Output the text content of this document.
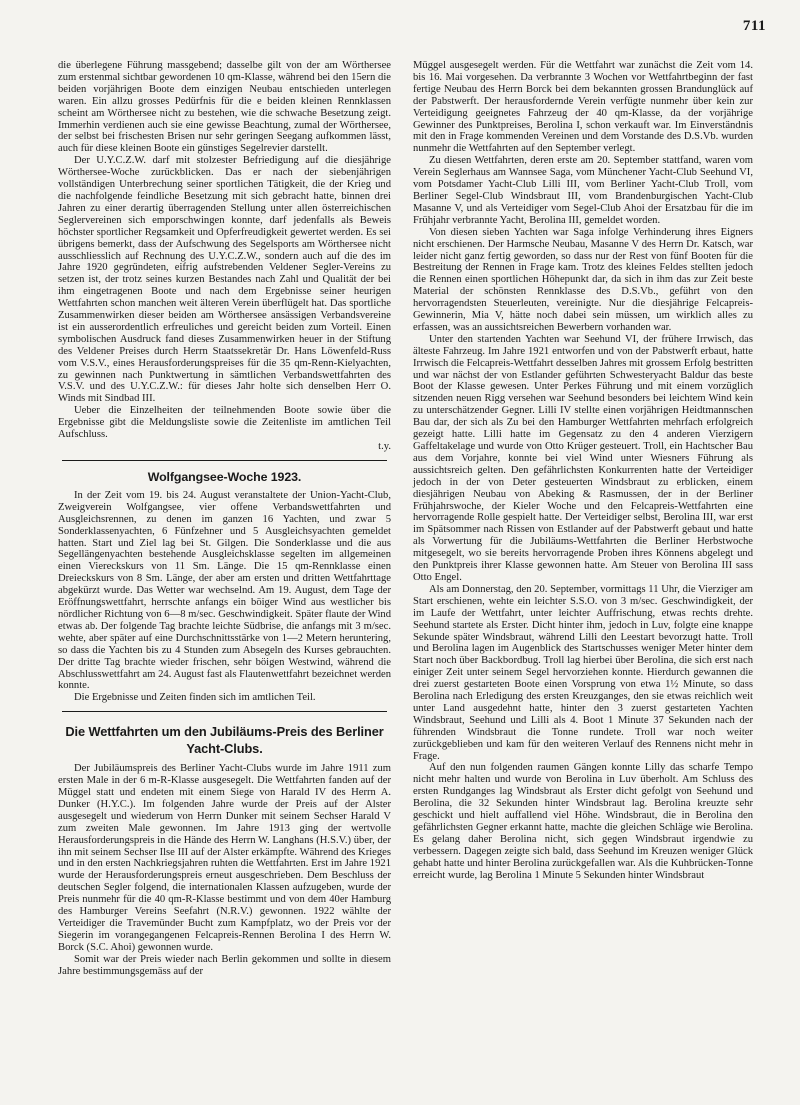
711

die überlegene Führung massgebend; dasselbe gilt von der am Wörthersee zum erstenmal sichtbar gewordenen 10 qm-Klasse, während bei den 15ern die beiden vorjährigen Boote dem einzigen Neubau entschieden unterlegen waren. Ein allzu grosses Pedürfnis für die e beiden kleinen Rennklassen scheint am Wörthersee nicht zu bestehen, wie die schwache Besetzung zeigt. Immerhin verdienen auch sie eine gewisse Beachtung, zumal der Wörthersee, der selbst bei frischesten Brisen nur sehr geringen Seegang aufkommen lässt, auch für diese kleinen Boote ein günstiges Segelrevier darstellt.

Der U.Y.C.Z.W. darf mit stolzester Befriedigung auf die diesjährige Wörthersee-Woche zurückblicken. Das er nach der siebenjährigen vollständigen Unterbrechung seiner sportlichen Tätigkeit, die der Krieg und die nachfolgende feindliche Besetzung mit sich gebracht hatte, binnen drei Jahren zu einer derartig überragenden Stellung unter allen österreichischen Seglervereinen sich emporschwingen konnte, darf jedenfalls als Beweis höchster sportlicher Regsamkeit und Opferfreudigkeit gewertet werden. Es sei übrigens bemerkt, dass der Aufschwung des Segelsports am Wörthersee nicht ausschliesslich auf Rechnung des U.Y.C.Z.W., sondern auch auf die des im Jahre 1920 gegründeten, eifrig aufstrebenden Veldener Segler-Vereins zu setzen ist, der trotz seines kurzen Bestandes nach Zahl und Qualität der bei ihm eingetragenen Boote und nach dem Ergebnisse seiner heurigen Wettfahrten schon manchen weit älteren Verein überflügelt hat. Das sportliche Zusammenwirken dieser beiden am Wörthersee ansässigen Verbandsvereine ist ein ausserordentlich erfreuliches und gereicht beiden zum Vorteil. Einen symbolischen Ausdruck fand dieses Zusammenwirken heuer in der Stiftung des Veldener Preises durch Herrn Staatssekretär Dr. Hans Löwenfeld-Russ vom V.S.V., eines Herausforderungspreises für die 35 qm-Renn-Kielyachten, zu gewinnen nach Punktwertung in sämtlichen Verbandswettfahrten des V.S.V. und des U.Y.C.Z.W.: für dieses Jahr holte sich denselben Herr O. Winds mit Sindbad III.

Ueber die Einzelheiten der teilnehmenden Boote sowie über die Ergebnisse gibt die Meldungsliste sowie die Zeitenliste im amtlichen Teil Aufschluss.

t.y.

Wolfgangsee-Woche 1923.

In der Zeit vom 19. bis 24. August veranstaltete der Union-Yacht-Club, Zweigverein Wolfgangsee, vier offene Verbandswettfahrten und Ausgleichsrennen, zu denen im ganzen 16 Yachten, und zwar 5 Sonderklassenyachten, 6 Fünfzehner und 5 Ausgleichsyachten gemeldet hatten. Start und Ziel lag bei St. Gilgen. Die Sonderklasse und die aus Segellängenyachten bestehende Ausgleichsklasse segelten im allgemeinen einen Viereckskurs von 11 Sm. Länge. Die 15 qm-Rennklasse einen Dreieckskurs von 8 Sm. Länge, der aber am ersten und dritten Wettfahrttage abgekürzt wurde. Das Wetter war wechselnd. Am 19. August, dem Tage der Eröffnungswettfahrt, herrschte anfangs ein böiger Wind aus westlicher bis nördlicher Richtung von 6—8 m/sec. Geschwindigkeit. Später flaute der Wind etwas ab. Der folgende Tag brachte leichte Südbrise, die anfangs mit 3 m/sec. wehte, aber später auf eine Durchschnittsstärke von 1—2 Metern heruntering, so dass die Yachten bis zu 4 Stunden zum Absegeln des Kurses gebrauchten. Der dritte Tag brachte wieder frischen, sehr böigen Westwind, während die Abschlusswettfahrt am 24. August fast als Flautenwettfahrt bezeichnet werden konnte.

Die Ergebnisse und Zeiten finden sich im amtlichen Teil.

Die Wettfahrten um den Jubiläums-Preis des Berliner Yacht-Clubs.

Der Jubiläumspreis des Berliner Yacht-Clubs wurde im Jahre 1911 zum ersten Male in der 6 m-R-Klasse ausgesegelt. Die Wettfahrten fanden auf der Müggel statt und endeten mit einem Siege von Harald IV des Herrn A. Dunker (H.Y.C.). Im folgenden Jahre wurde der Preis auf der Alster ausgesegelt und wiederum von Herrn Dunker mit seinem Sechser Harald V zum zweiten Male gewonnen. Im Jahre 1913 ging der wertvolle Herausforderungspreis in die Hände des Herrn W. Langhans (H.S.V.) über, der ihn mit seinem Sechser Ilse III auf der Alster erkämpfte. Während des Krieges und in den ersten Nachkriegsjahren ruhten die Wettfahrten. Erst im Jahre 1921 wurde der Herausforderungspreis erneut ausgeschrieben. Dem Beschluss der deutschen Segler folgend, die internationalen Klassen aufzugeben, wurde der Preis nunmehr für die 40 qm-R-Klasse bestimmt und von dem 40er Hamburg des Hamburger Vereins Seefahrt (N.R.V.) gewonnen. 1922 wählte der Verteidiger die Travemünder Bucht zum Kampfplatz, wo der Preis vor der Siegerin im vorangegangenen Felcapreis-Rennen Berolina I des Herrn W. Borck (S.C. Ahoi) gewonnen wurde.

Somit war der Preis wieder nach Berlin gekommen und sollte in diesem Jahre bestimmungsgemäss auf der

Müggel ausgesegelt werden. Für die Wettfahrt war zunächst die Zeit vom 14. bis 16. Mai vorgesehen. Da verbrannte 3 Wochen vor Wettfahrtbeginn der fast fertige Neubau des Herrn Borck bei dem bekannten grossen Brandunglück auf der Pabstwerft. Der herausfordernde Verein verfügte nunmehr über kein zur Verteidigung geeignetes Fahrzeug der 40 qm-Klasse, da der vorjährige Gewinner des Punktpreises, Berolina I, schon verkauft war. Im Einverständnis mit den in Frage kommenden Vereinen und dem Vorstande des D.S.Vb. wurden nunmehr die Wettfahrten auf den September verlegt.

Zu diesen Wettfahrten, deren erste am 20. September stattfand, waren vom Verein Seglerhaus am Wannsee Saga, vom Münchener Yacht-Club Seehund VI, vom Potsdamer Yacht-Club Lilli III, vom Berliner Yacht-Club Troll, vom Berliner Segel-Club Windsbraut III, vom Brandenburgischen Yacht-Club Masanne V, und als Verteidiger vom Segel-Club Ahoi der Ersatzbau für die im Frühjahr verbrannte Yacht, Berolina III, gemeldet worden.

Von diesen sieben Yachten war Saga infolge Verhinderung ihres Eigners nicht erschienen. Der Harmsche Neubau, Masanne V des Herrn Dr. Katsch, war leider nicht ganz fertig geworden, so dass nur der Rest von fünf Booten für die Bestreitung der Rennen in Frage kam. Trotz des kleines Feldes stellten jedoch die Rennen einen sportlichen Höhepunkt dar, da sich in ihm das zur Zeit beste Material der schönsten Rennklasse des D.S.Vb., geführt von den hervorragendsten Steuerleuten, vereinigte. Nur die diesjährige Felcapreis-Gewinnerin, Mia V, hätte noch dabei sein müssen, um wirklich alles zu erfassen, was an aussichtsreichen Bewerbern vorhanden war.

Unter den startenden Yachten war Seehund VI, der frühere Irrwisch, das älteste Fahrzeug. Im Jahre 1921 entworfen und von der Pabstwerft erbaut, hatte Irrwisch die Felcapreis-Wettfahrt desselben Jahres mit grossem Erfolg bestritten und war nächst der von Estlander geführten Schwesteryacht Baldur das beste Boot der Klasse gewesen. Unter Perkes Führung und mit einem vorzüglich sitzenden neuen Rigg versehen war Seehund besonders bei leichtem Wind kein zu unterschätzender Gegner. Lilli IV stellte einen vorjährigen Heidtmannschen Bau dar, der sich als Zu bei den Hamburger Wettfahrten mehrfach erfolgreich gezeigt hatte. Lilli hatte im Gegensatz zu den 4 anderen Vierzigern Gaffeltakelage und wurde von Otto Krüger gesteuert. Troll, ein Hachtscher Bau aus dem Vorjahre, konnte bei viel Wind unter Wiesners Führung als aussichtsreich gelten. Den gefährlichsten Konkurrenten hatte der Verteidiger jedoch in der von Deter gesteuerten Windsbraut zu erblicken, einem diesjährigen Neubau von Abeking & Rasmussen, der in der Berliner Frühjahrswoche, der Kieler Woche und den Felcapreis-Wettfahrten eine hervorragende Rolle gespielt hatte. Der Verteidiger selbst, Berolina III, war erst im Spätsommer nach Rissen von Estlander auf der Pabstwerft gebaut und hatte als Vorwertung für die Jubiläums-Wettfahrten die Berliner Herbstwoche mitgesegelt, wo sie bereits hervorragende Proben ihres Könnens abgelegt und den Punktpreis ihrer Klasse gewonnen hatte. Am Steuer von Berolina III sass Otto Engel.

Als am Donnerstag, den 20. September, vormittags 11 Uhr, die Vierziger am Start erschienen, wehte ein leichter S.S.O. von 3 m/sec. Geschwindigkeit, der im Laufe der Wettfahrt, unter leichter Auffrischung, etwas rechts drehte. Seehund startete als Erster. Dicht hinter ihm, jedoch in Luv, folgte eine knappe Sekunde später Windsbraut, während Lilli den Leestart bevorzugt hatte. Troll und Berolina lagen im Augenblick des Startschusses weniger Meter hinter dem Start noch über Backbordbug. Troll lag hierbei über Berolina, die sich erst nach einiger Zeit unter seinem Segel hervorziehen konnte. Hierdurch gewannen die drei zuerst gestarteten Boote einen Vorsprung von etwa 1½ Minute, so dass Berolina nach Erledigung des ersten Kreuzganges, den sie etwas reichlich weit unter Land ausgedehnt hatte, hinter den 3 zuerst gestarteten Yachten Windsbraut, Seehund und Lilli als 4. Boot 1 Minute 37 Sekunden nach der führenden Windsbraut die Tonne rundete. Troll war noch weiter zurückgeblieben und kam für den weiteren Verlauf des Rennens nicht mehr in Frage.

Auf den nun folgenden raumen Gängen konnte Lilly das scharfe Tempo nicht mehr halten und wurde von Berolina in Luv überholt. Am Schluss des ersten Rundganges lag Windsbraut als Erster dicht gefolgt von Seehund und Berolina, die 32 Sekunden hinter Windsbraut lag. Berolina kreuzte sehr geschickt und hielt auffallend viel Höhe. Windsbraut, die in Berolina den gefährlichsten Gegner erkannt hatte, machte die gleichen Schläge wie Berolina. Es gelang daher Berolina nicht, sich gegen Windsbraut irgendwie zu verbessern. Dagegen zeigte sich bald, dass Seehund im Kreuzen weniger Glück gehabt hatte und hinter Berolina zurückgefallen war. Als die Kuhbrücken-Tonne erreicht wurde, lag Berolina 1 Minute 5 Sekunden hinter Windsbraut
